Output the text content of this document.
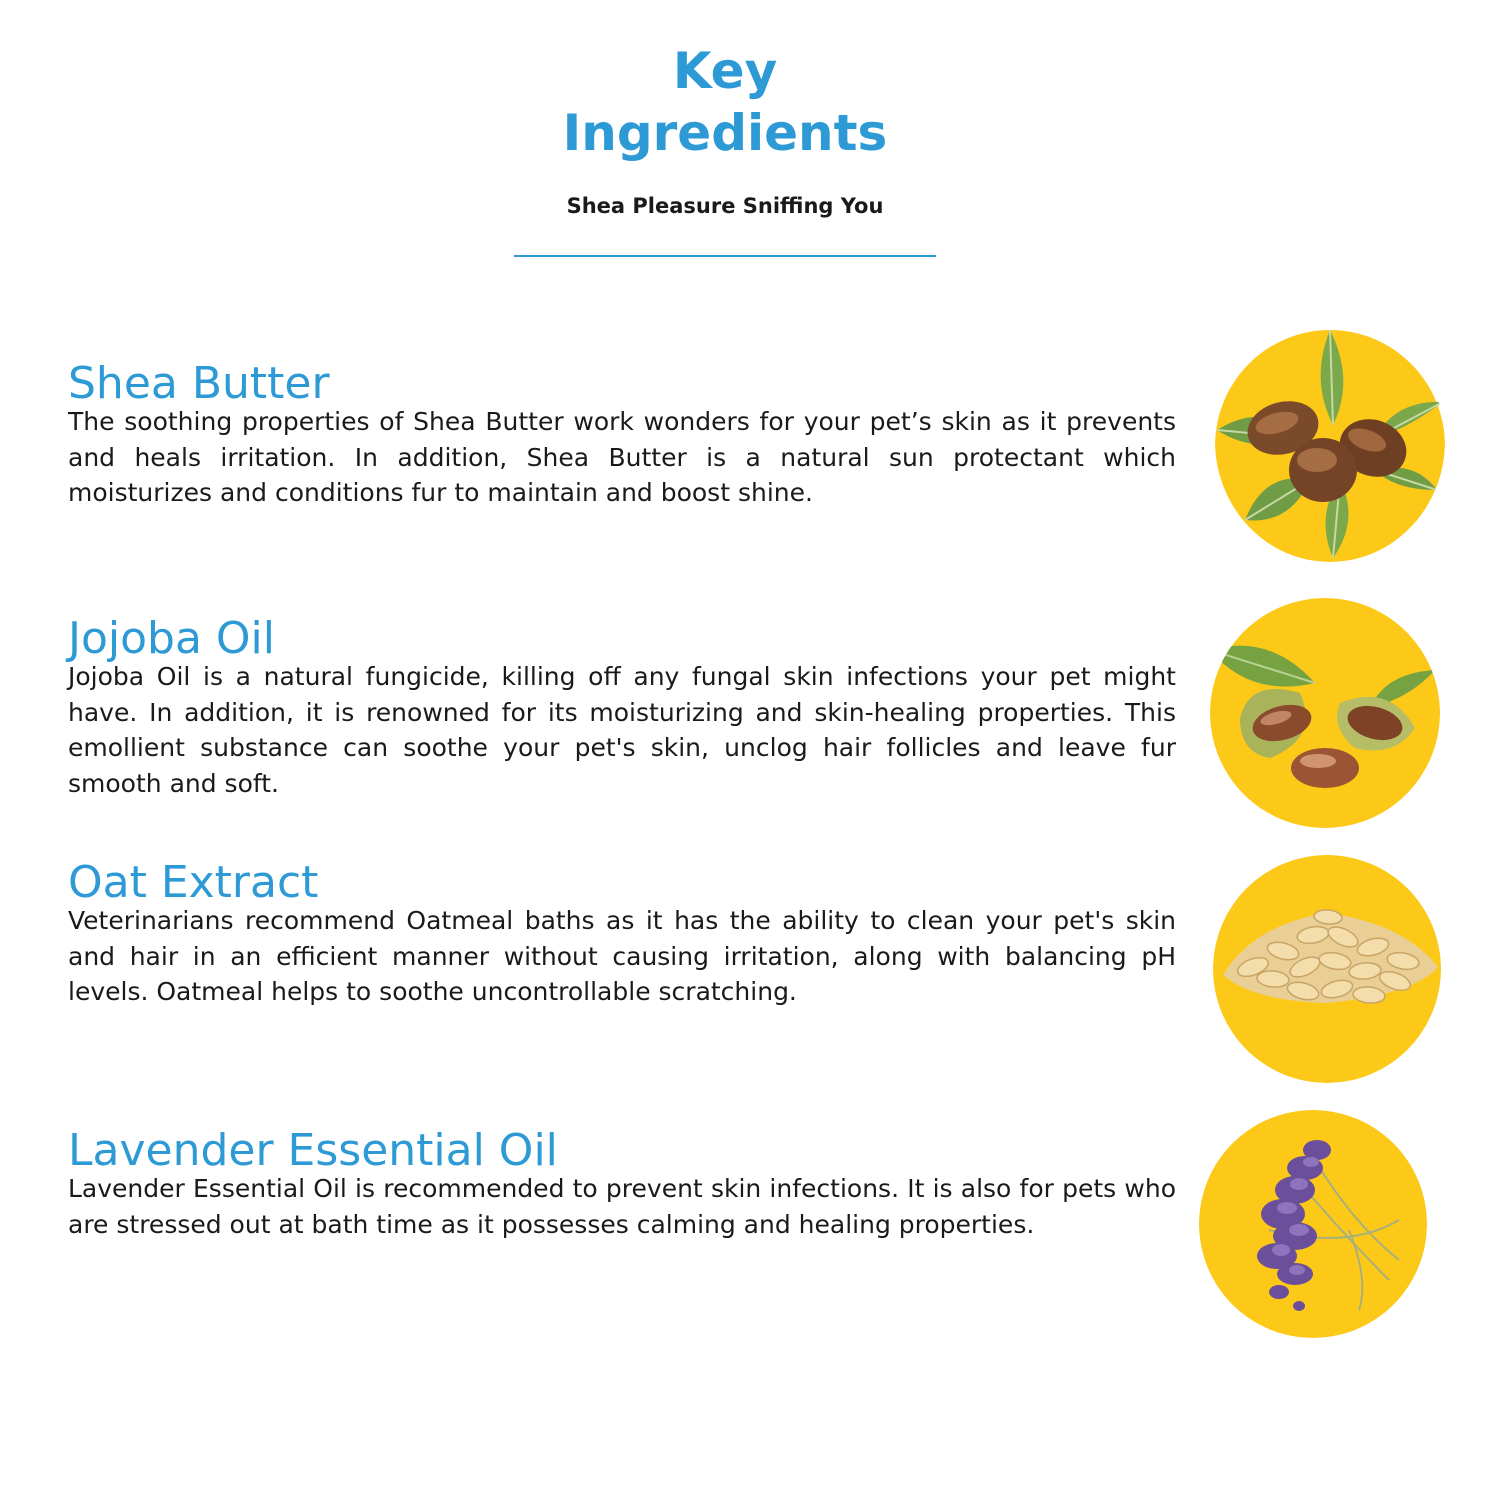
Key
Ingredients
Shea Pleasure Sniffing You
Shea Butter
The soothing properties of Shea Butter work wonders for your pet’s skin as it prevents and heals irritation. In addition, Shea Butter is a natural sun protectant which moisturizes and conditions fur to maintain and boost shine.
Jojoba Oil
Jojoba Oil is a natural fungicide, killing off any fungal skin infections your pet might have. In addition, it is renowned for its moisturizing and skin-healing properties. This emollient substance can soothe your pet's skin, unclog hair follicles and leave fur smooth and soft.
Oat Extract
Veterinarians recommend Oatmeal baths as it has the ability to clean your pet's skin and hair in an efficient manner without causing irritation, along with balancing pH levels. Oatmeal helps to soothe uncontrollable scratching.
Lavender Essential Oil
Lavender Essential Oil is recommended to prevent skin infections. It is also for pets who are stressed out at bath time as it possesses calming and healing properties.
